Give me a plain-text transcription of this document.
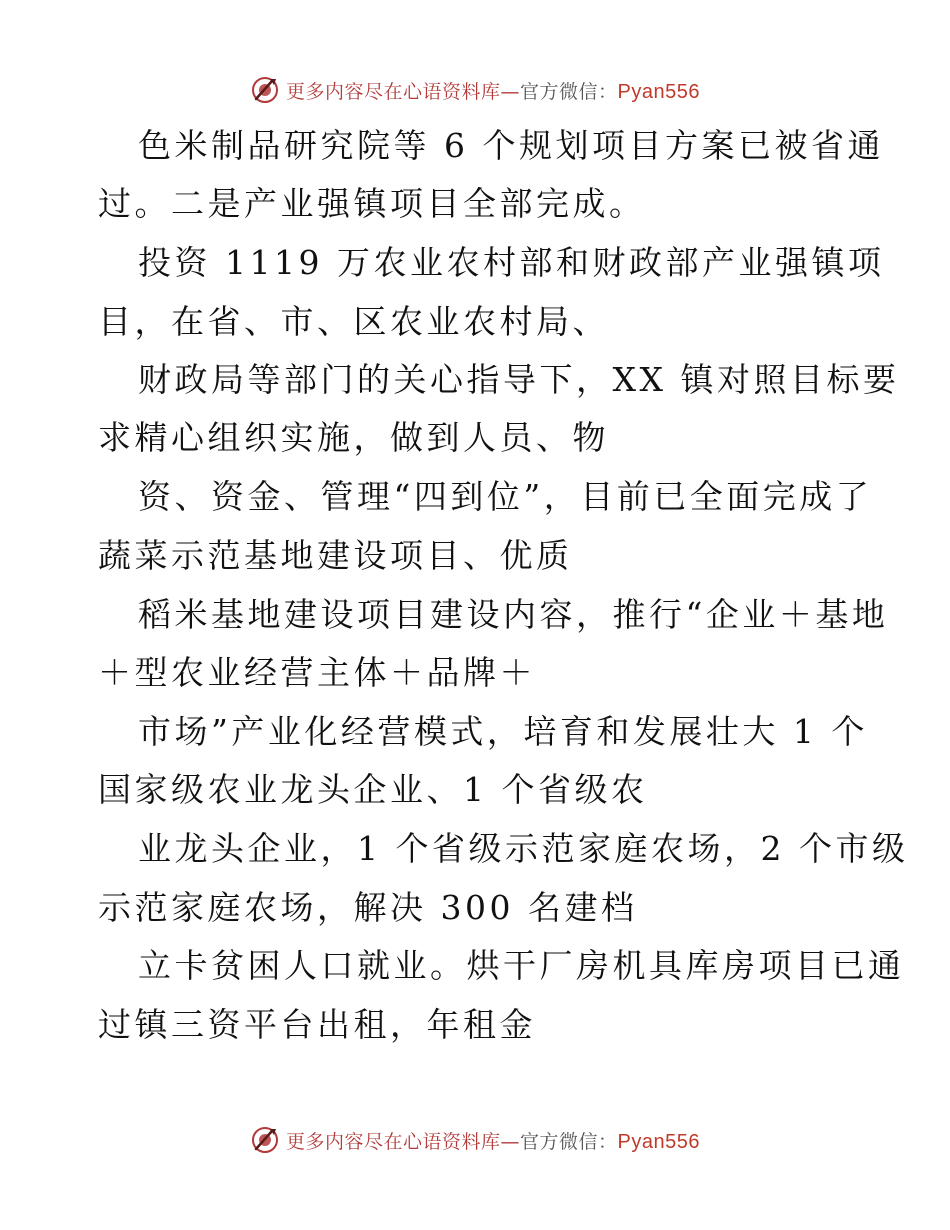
更多内容尽在心语资料库—官方微信：Pyan556
色米制品研究院等 6 个规划项目方案已被省通
过。二是产业强镇项目全部完成。
投资 1119 万农业农村部和财政部产业强镇项
目，在省、市、区农业农村局、
财政局等部门的关心指导下，XX 镇对照目标要
求精心组织实施，做到人员、物
资、资金、管理“四到位”，目前已全面完成了
蔬菜示范基地建设项目、优质
稻米基地建设项目建设内容，推行“企业＋基地
＋型农业经营主体＋品牌＋
市场”产业化经营模式，培育和发展壮大 1 个
国家级农业龙头企业、1 个省级农
业龙头企业，1 个省级示范家庭农场，2 个市级
示范家庭农场，解决 300 名建档
立卡贫困人口就业。烘干厂房机具库房项目已通
过镇三资平台出租，年租金
更多内容尽在心语资料库—官方微信：Pyan556
